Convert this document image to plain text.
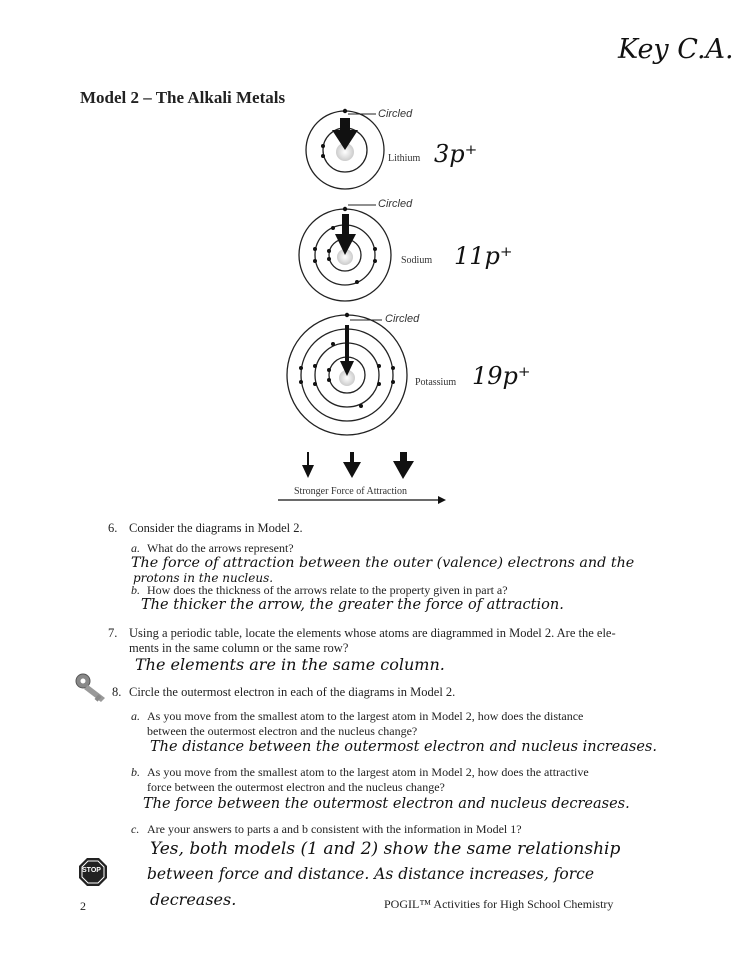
Key C.A.
Model 2 – The Alkali Metals
Circled
Circled
Circled
Lithium
Sodium
Potassium
3p⁺
11p⁺
19p⁺
Stronger Force of Attraction
6. Consider the diagrams in Model 2.
a. What do the arrows represent?
The force of attraction between the outer (valence) electrons and the
protons in the nucleus.
b. How does the thickness of the arrows relate to the property given in part a?
The thicker the arrow, the greater the force of attraction.
7. Using a periodic table, locate the elements whose atoms are diagrammed in Model 2. Are the ele-
ments in the same column or the same row?
The elements are in the same column.
8. Circle the outermost electron in each of the diagrams in Model 2.
a. As you move from the smallest atom to the largest atom in Model 2, how does the distance
between the outermost electron and the nucleus change?
The distance between the outermost electron and nucleus increases.
b. As you move from the smallest atom to the largest atom in Model 2, how does the attractive
force between the outermost electron and the nucleus change?
The force between the outermost electron and nucleus decreases.
c. Are your answers to parts a and b consistent with the information in Model 1?
Yes, both models (1 and 2) show the same relationship
between force and distance. As distance increases, force
decreases.
STOP
2	POGIL™ Activities for High School Chemistry
